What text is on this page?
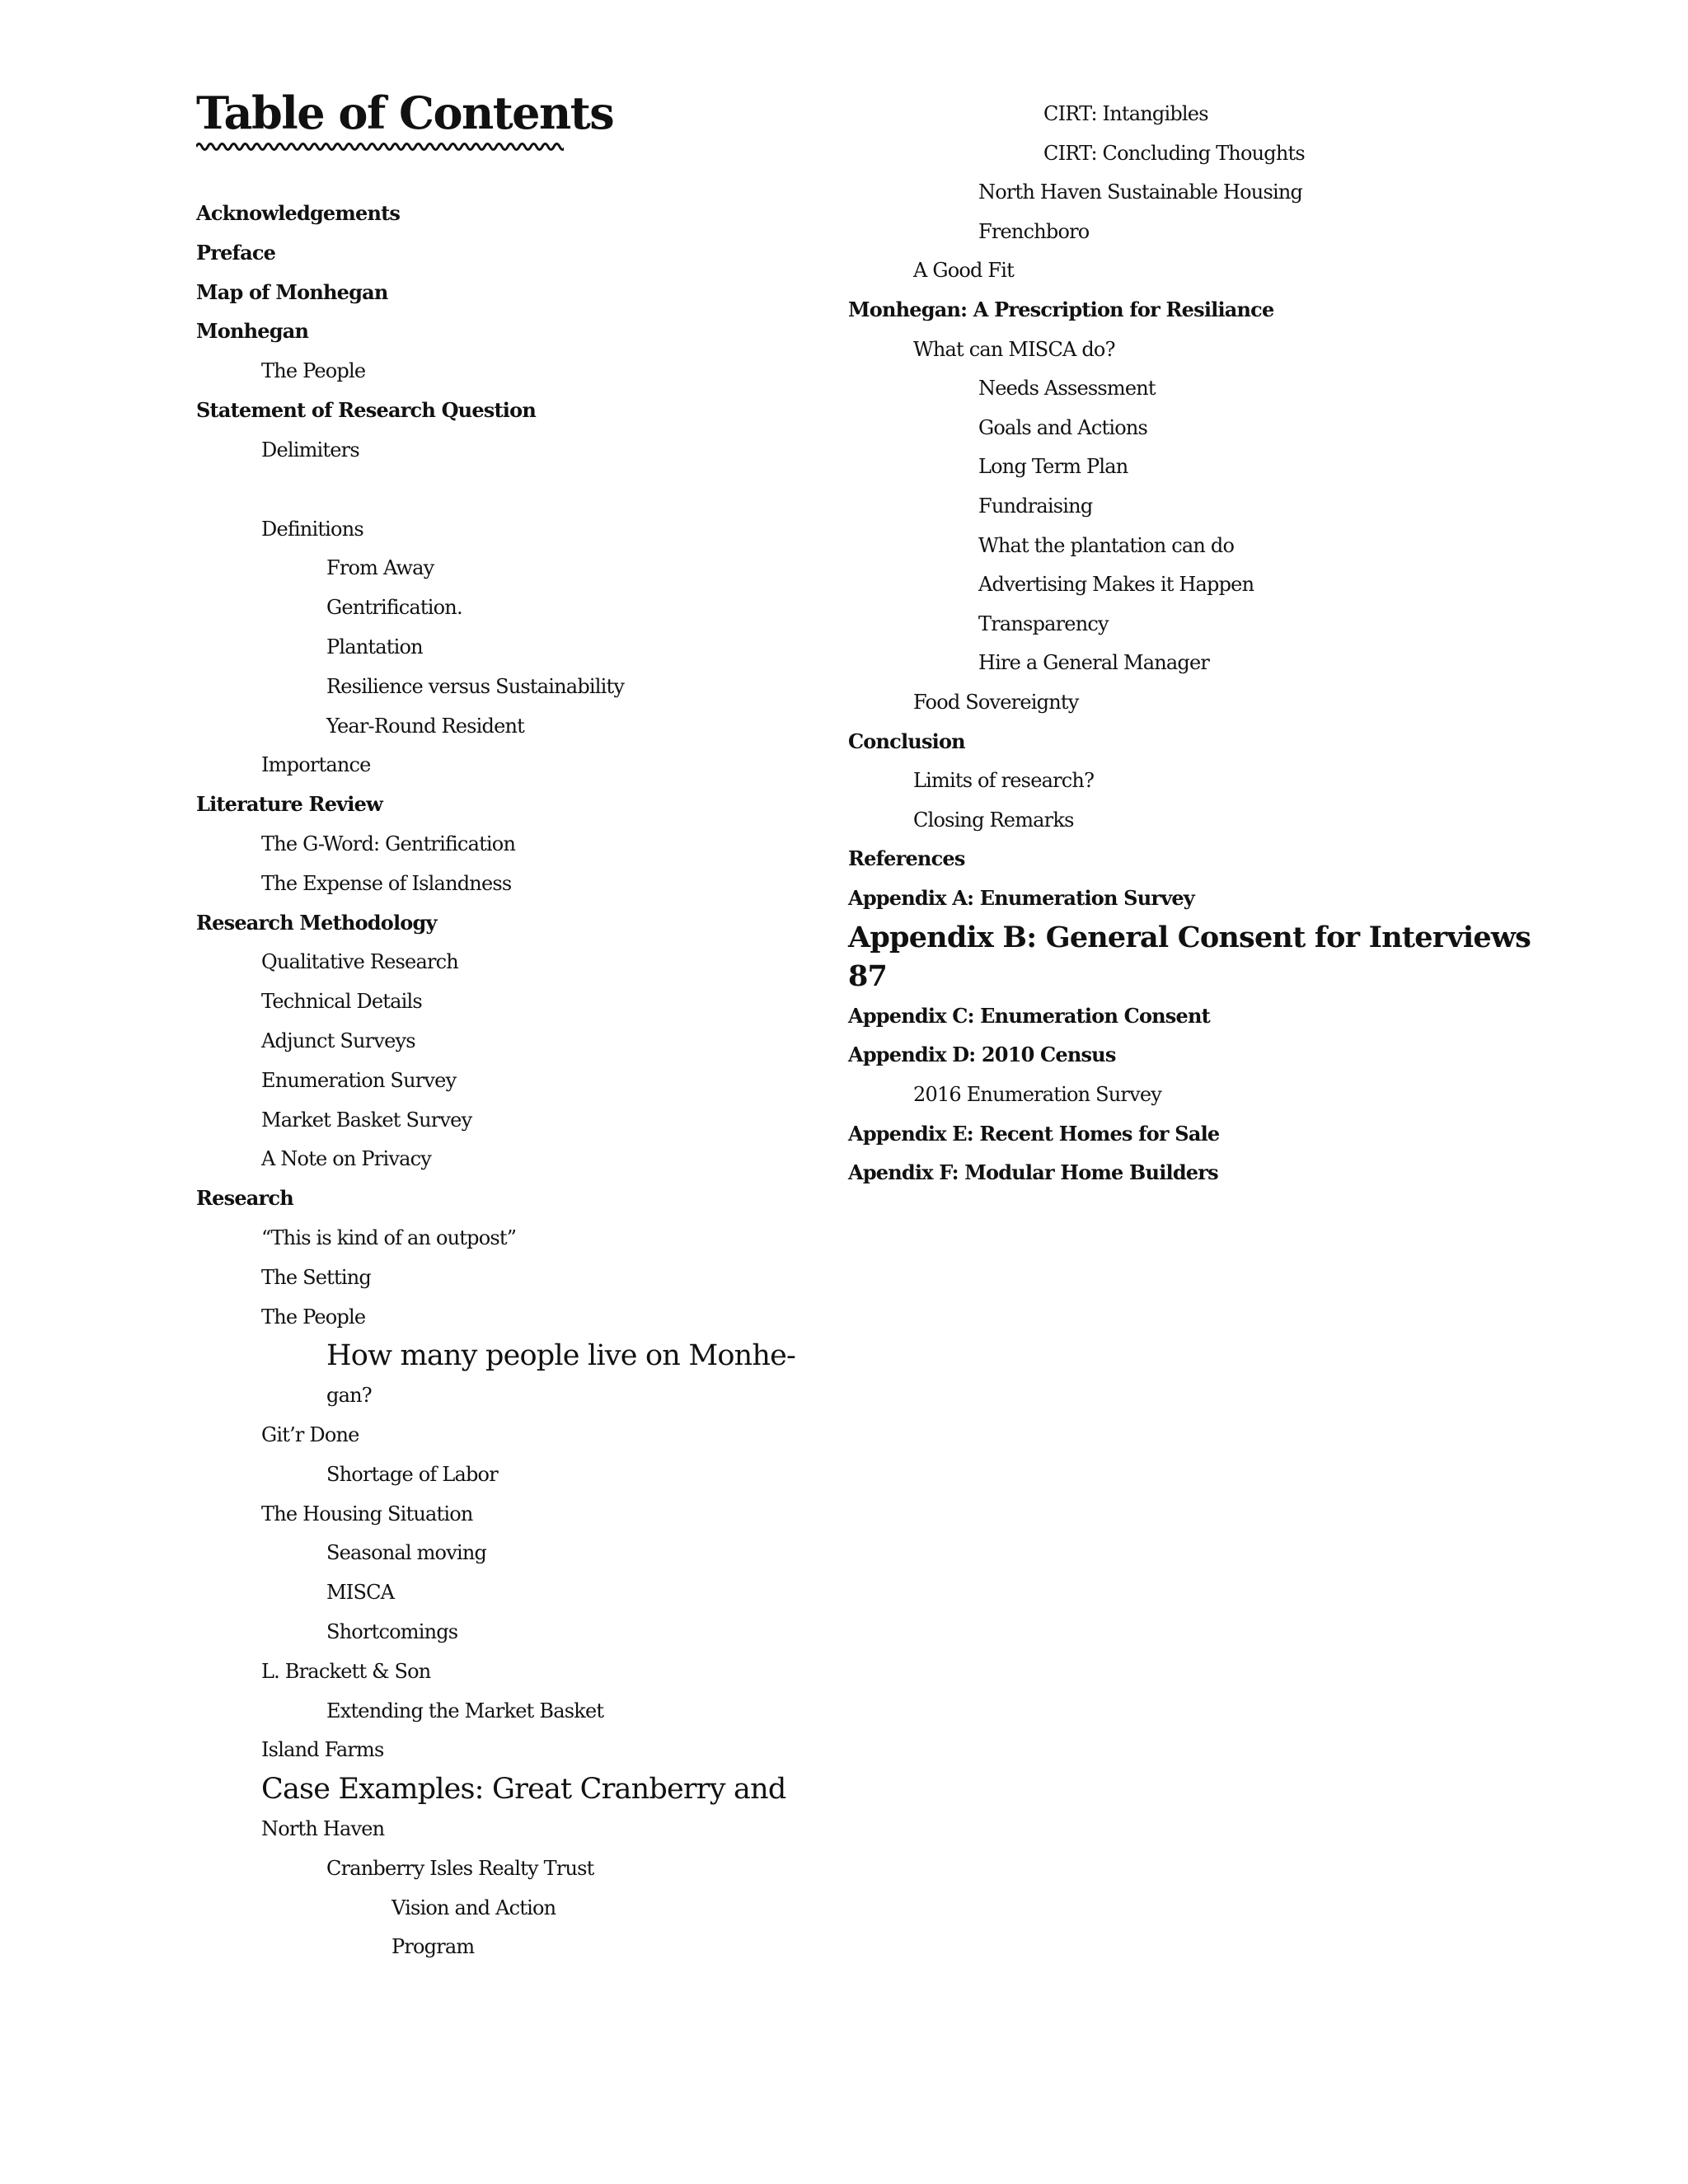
Table of Contents
Acknowledgements
Preface
Map of Monhegan
Monhegan
The People
Statement of Research Question
Delimiters
Definitions
From Away
Gentrification.
Plantation
Resilience versus Sustainability
Year-Round Resident
Importance
Literature Review
The G-Word: Gentrification
The Expense of Islandness
Research Methodology
Qualitative Research
Technical Details
Adjunct Surveys
Enumeration Survey
Market Basket Survey
A Note on Privacy
Research
“This is kind of an outpost”
The Setting
The People
How many people live on Monhe-
gan?
Git’r Done
Shortage of Labor
The Housing Situation
Seasonal moving
MISCA
Shortcomings
L. Brackett & Son
Extending the Market Basket
Island Farms
Case Examples: Great Cranberry and
North Haven
Cranberry Isles Realty Trust
Vision and Action
Program
CIRT: Intangibles
CIRT: Concluding Thoughts
North Haven Sustainable Housing
Frenchboro
A Good Fit
Monhegan: A Prescription for Resiliance
What can MISCA do?
Needs Assessment
Goals and Actions
Long Term Plan
Fundraising
What the plantation can do
Advertising Makes it Happen
Transparency
Hire a General Manager
Food Sovereignty
Conclusion
Limits of research?
Closing Remarks
References
Appendix A: Enumeration Survey
Appendix B: General Consent for Interviews
87
Appendix C: Enumeration Consent
Appendix D: 2010 Census
2016 Enumeration Survey
Appendix E: Recent Homes for Sale
Apendix F: Modular Home Builders
